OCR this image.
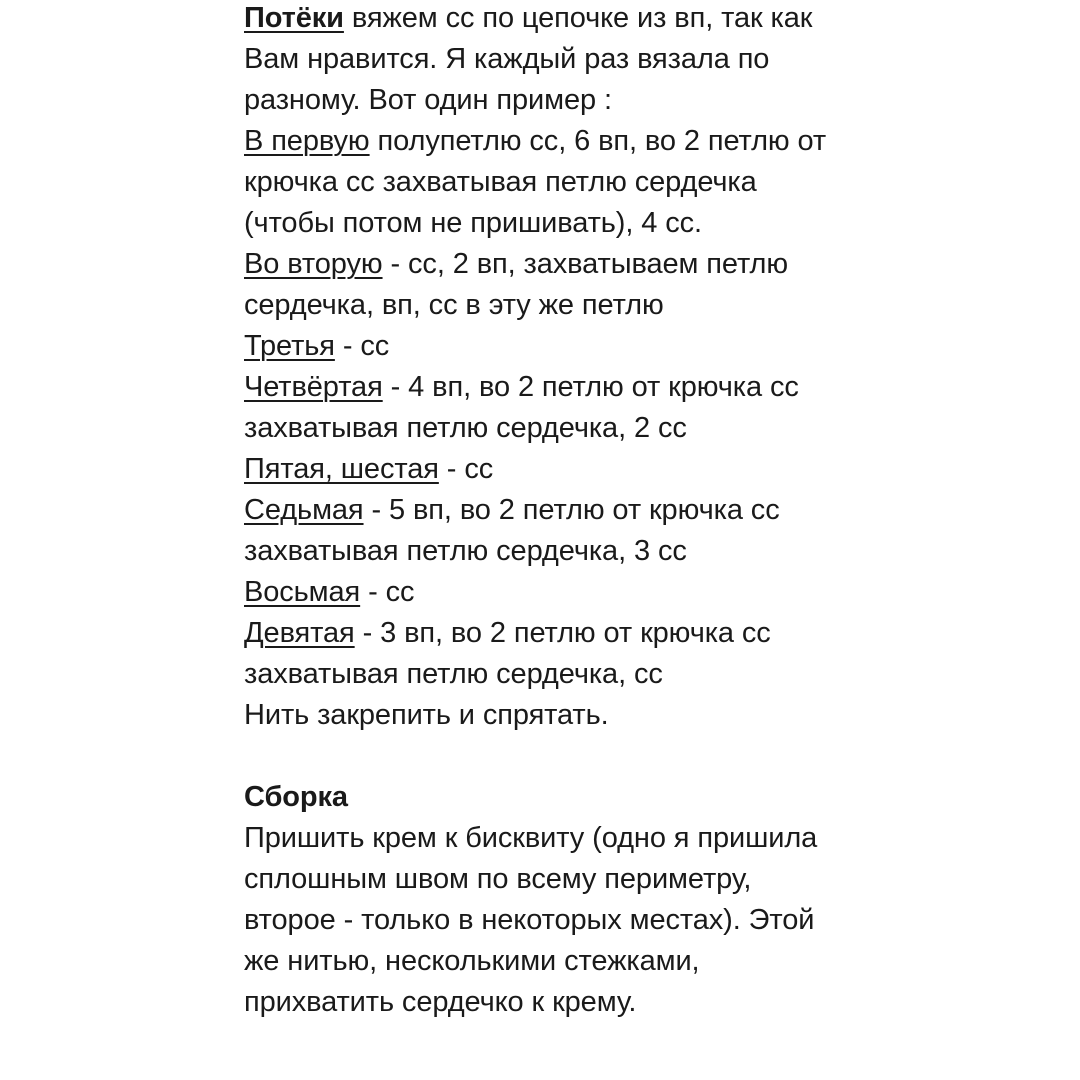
Потёки вяжем сс по цепочке из вп, так как Вам нравится. Я каждый раз вязала по разному. Вот один пример :

В первую полупетлю сс, 6 вп, во 2 петлю от крючка сс захватывая петлю сердечка (чтобы потом не пришивать), 4 сс.

Во вторую - сс, 2 вп, захватываем петлю сердечка, вп, сс в эту же петлю

Третья - сс

Четвёртая - 4 вп, во 2 петлю от крючка сс захватывая петлю сердечка, 2 сс

Пятая, шестая - сс

Седьмая - 5 вп, во 2 петлю от крючка сс захватывая петлю сердечка, 3 сс

Восьмая - сс

Девятая - 3 вп, во 2 петлю от крючка сс захватывая петлю сердечка, сс

Нить закрепить и спрятать.

Сборка

Пришить крем к бисквиту (одно я пришила сплошным швом по всему периметру, второе - только в некоторых местах). Этой же нитью, несколькими стежками, прихватить сердечко к крему.
